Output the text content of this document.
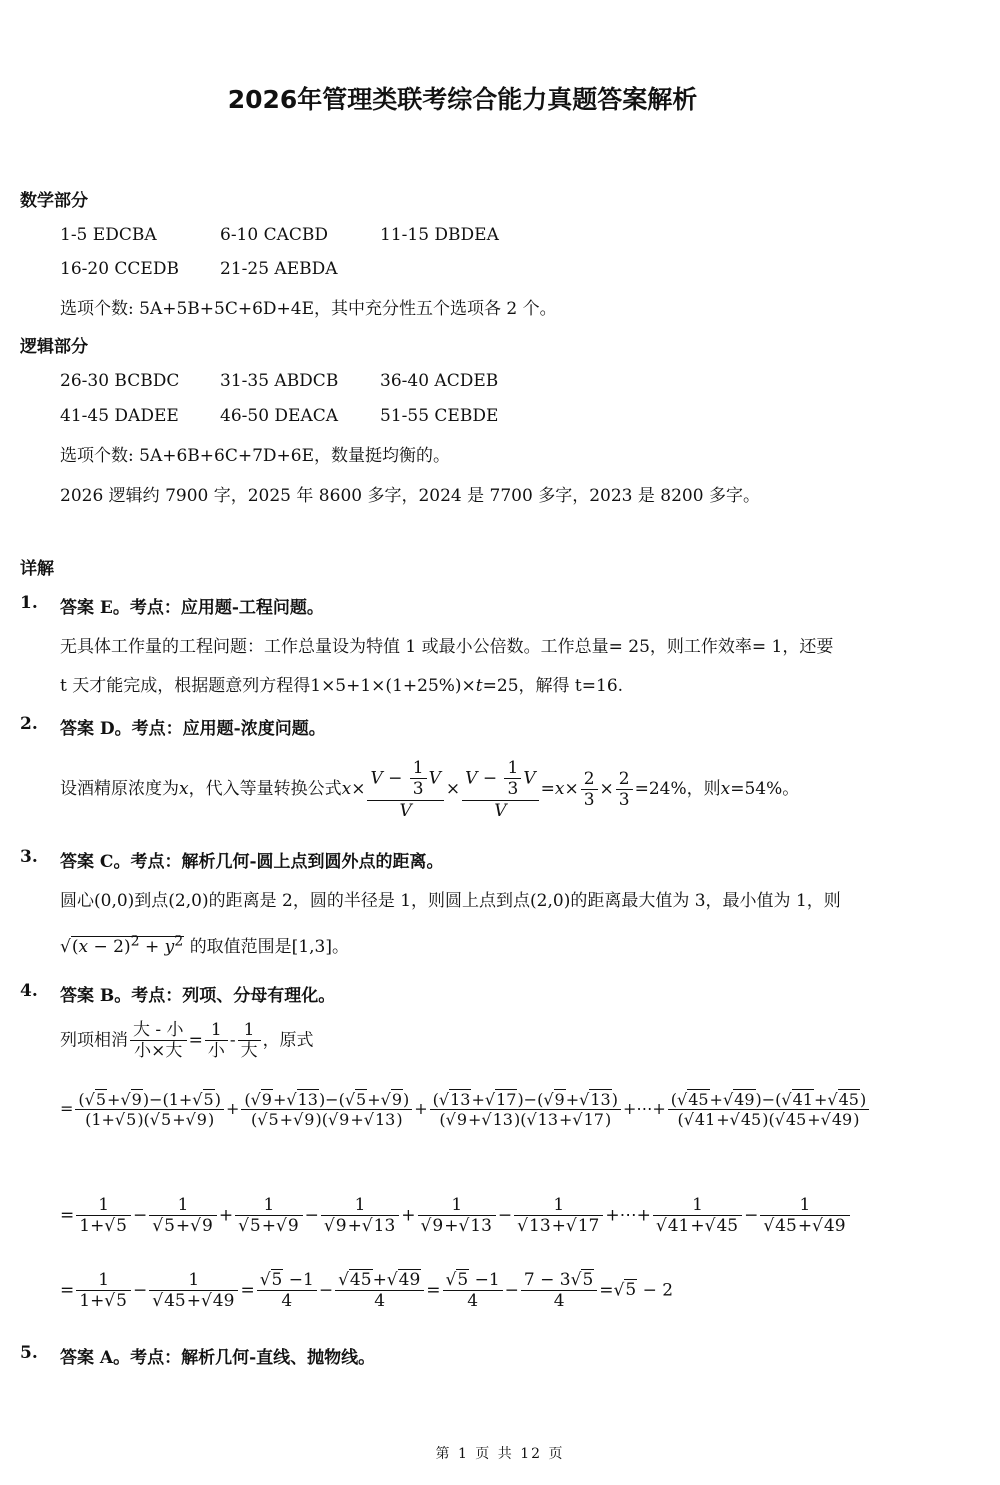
2026年管理类联考综合能力真题答案解析
数学部分
1-5 EDCBA	6-10 CACBD	11-15 DBDEA
16-20 CCEDB 21-25 AEBDA
选项个数: 5A+5B+5C+6D+4E，其中充分性五个选项各 2 个。
逻辑部分
26-30 BCBDC 31-35 ABDCB 36-40 ACDEB
41-45 DADEE 46-50 DEACA 51-55 CEBDE
选项个数: 5A+6B+6C+7D+6E，数量挺均衡的。
2026 逻辑约 7900 字，2025 年 8600 多字，2024 是 7700 多字，2023 是 8200 多字。
详解
1. 答案 E。考点：应用题-工程问题。
无具体工作量的工程问题：工作总量设为特值 1 或最小公倍数。工作总量= 25，则工作效率= 1，还要
t 天才能完成，根据题意列方程得1×5+1×(1+25%)×t=25，解得 t=16.
2. 答案 D。考点：应用题-浓度问题。
设酒精原浓度为x，代入等量转换公式$x\times \frac{V - \frac{1}{3} V}{V} \times \frac{V - \frac{1}{3} V}{V} =x\times \frac{2}{3} \times \frac{2}{3} =24\%$，则x=54%。
3. 答案 C。考点：解析几何-圆上点到圆外点的距离。
圆心(0,0)到点(2,0)的距离是 2，圆的半径是 1，则圆上点到点(2,0)的距离最大值为 3，最小值为 1，则
$√(x - 2)^2 + y^2$ 的取值范围是[1,3]。
4. 答案 B。考点：列项、分母有理化。
列项相消
大 - 小
小×大
=
1
小
-
1
大
，原式
= $\frac{(√5+√9)-(1+√5)}{(1+√5)(√5+√9)} + \frac{(√9+√13)-(√5+√9)}{(√5+√9)(√9+√13)} + \frac{(√13+√17)-(√9+√13)}{(√9+√13)(√13+√17)}$ +⋯+ $\frac{(√45+√49)-(√41+√45)}{(√41+√45)(√45+√49)}$
= $\frac{1}{1+√5} - \frac{1}{√5+√9} + \frac{1}{√5+√9} - \frac{1}{√9+√13} + \frac{1}{√9+√13} - \frac{1}{√13+√17}$ +⋯+ $\frac{1}{√41+√45} - \frac{1}{√45+√49}$
= $\frac{1}{1+√5} - \frac{1}{√45+√49} = \frac{√5 -1}{4} - \frac{√45+√49}{4} = \frac{√5 -1}{4} - \frac{7 - 3√5}{4} =√5 - 2$
5. 答案 A。考点：解析几何-直线、抛物线。
第 1 页 共 12 页
